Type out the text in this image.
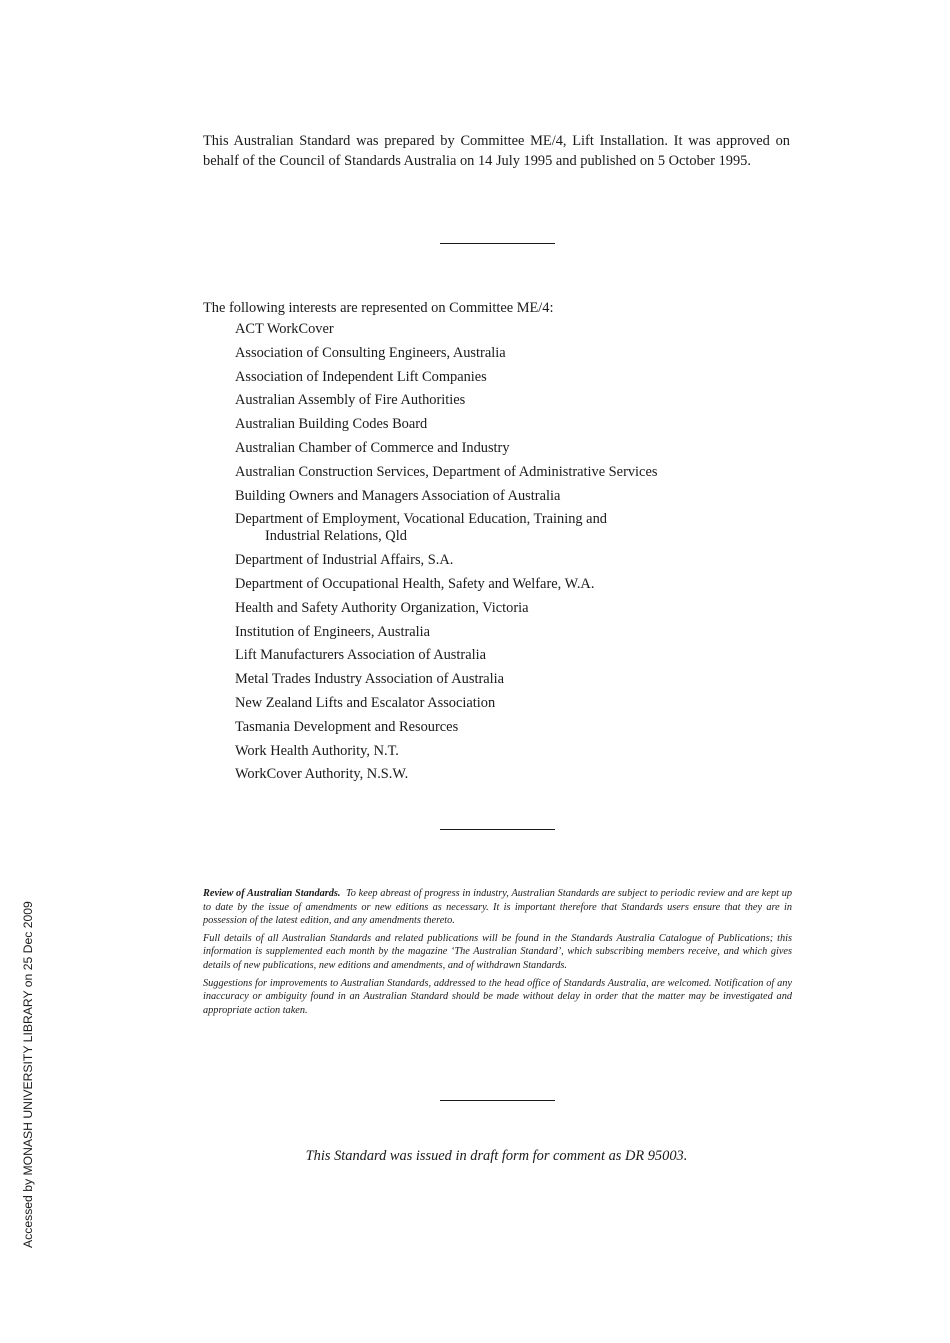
This Australian Standard was prepared by Committee ME/4, Lift Installation. It was approved on behalf of the Council of Standards Australia on 14 July 1995 and published on 5 October 1995.

The following interests are represented on Committee ME/4:

ACT WorkCover
Association of Consulting Engineers, Australia
Association of Independent Lift Companies
Australian Assembly of Fire Authorities
Australian Building Codes Board
Australian Chamber of Commerce and Industry
Australian Construction Services, Department of Administrative Services
Building Owners and Managers Association of Australia
Department of Employment, Vocational Education, Training and
Industrial Relations, Qld
Department of Industrial Affairs, S.A.
Department of Occupational Health, Safety and Welfare, W.A.
Health and Safety Authority Organization, Victoria
Institution of Engineers, Australia
Lift Manufacturers Association of Australia
Metal Trades Industry Association of Australia
New Zealand Lifts and Escalator Association
Tasmania Development and Resources
Work Health Authority, N.T.
WorkCover Authority, N.S.W.

Review of Australian Standards. To keep abreast of progress in industry, Australian Standards are subject to periodic review and are kept up to date by the issue of amendments or new editions as necessary. It is important therefore that Standards users ensure that they are in possession of the latest edition, and any amendments thereto.

Full details of all Australian Standards and related publications will be found in the Standards Australia Catalogue of Publications; this information is supplemented each month by the magazine ‘The Australian Standard’, which subscribing members receive, and which gives details of new publications, new editions and amendments, and of withdrawn Standards.

Suggestions for improvements to Australian Standards, addressed to the head office of Standards Australia, are welcomed. Notification of any inaccuracy or ambiguity found in an Australian Standard should be made without delay in order that the matter may be investigated and appropriate action taken.

This Standard was issued in draft form for comment as DR 95003.

Accessed by MONASH UNIVERSITY LIBRARY on 25 Dec 2009
